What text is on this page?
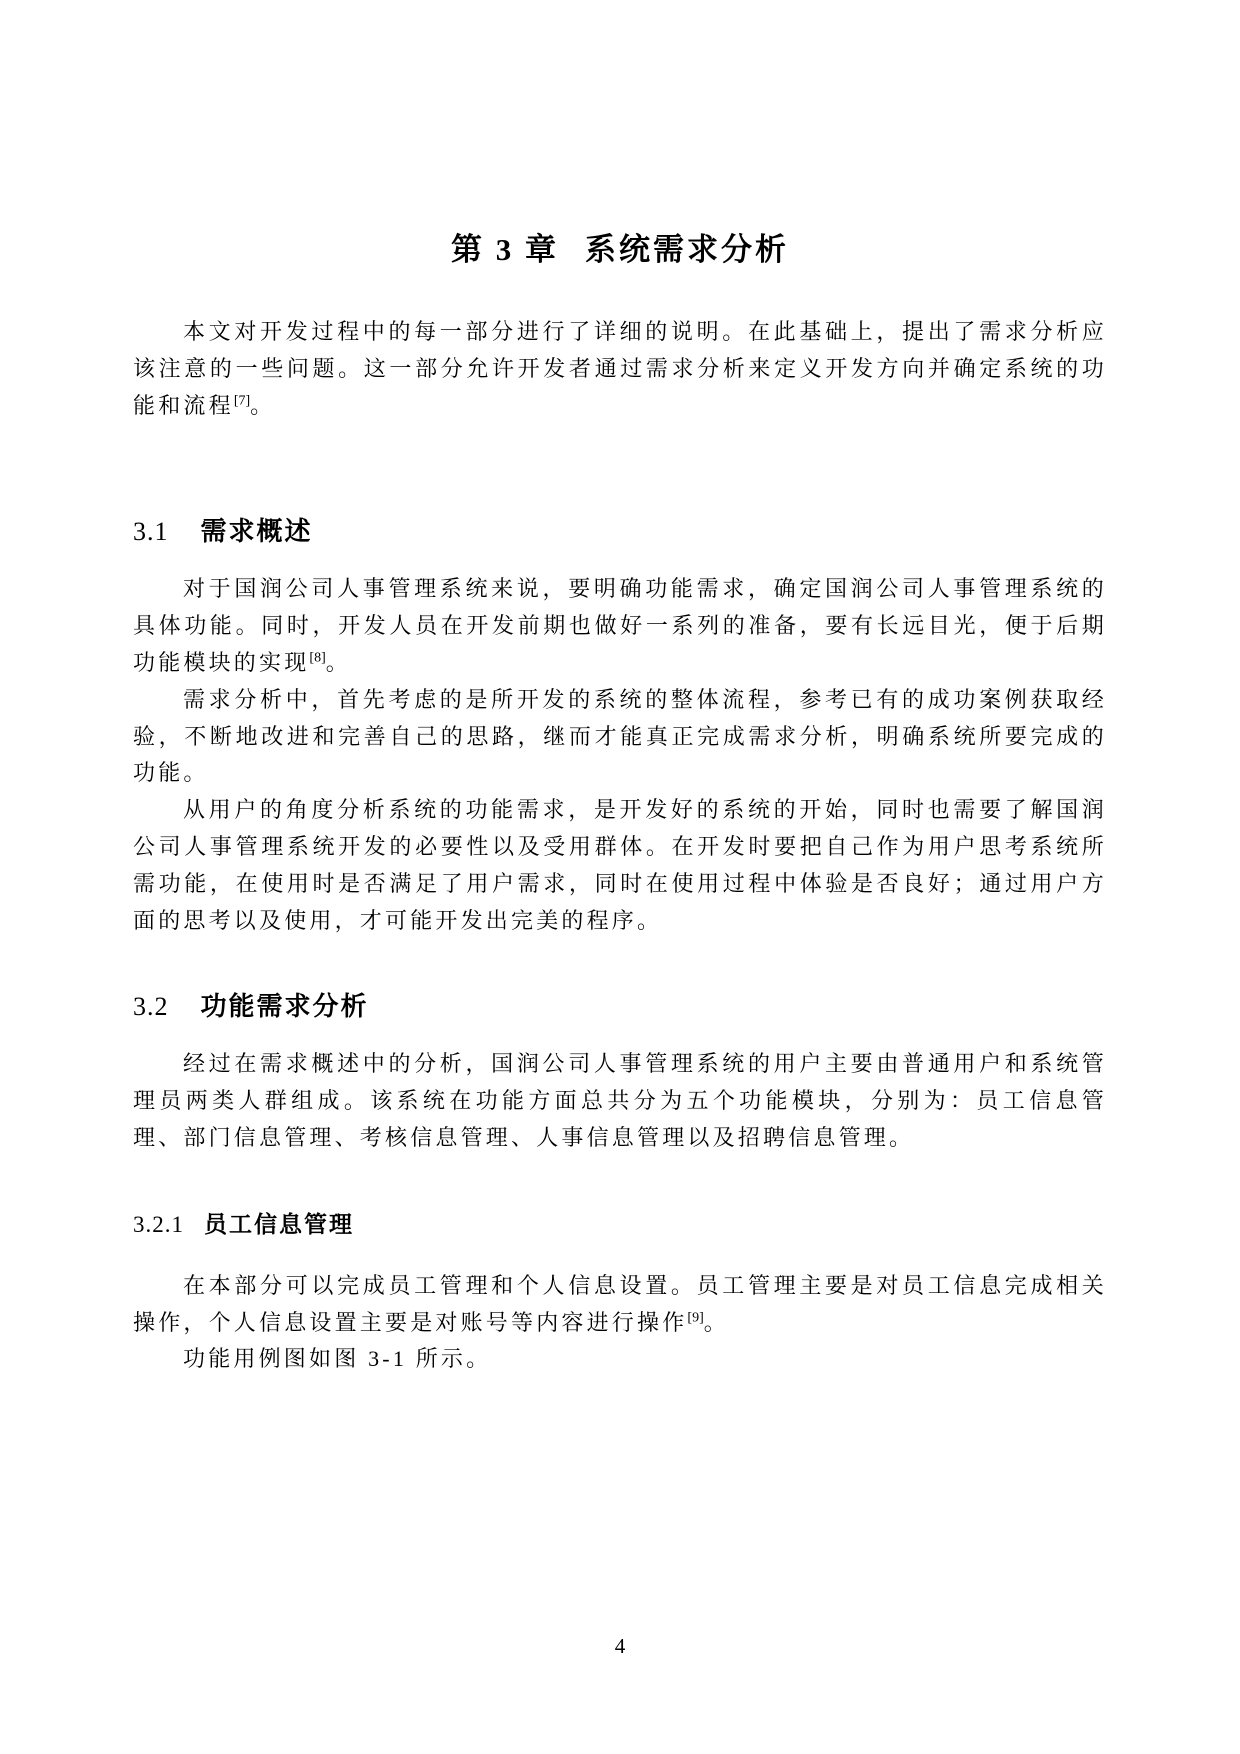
第 3 章 系统需求分析

本文对开发过程中的每一部分进行了详细的说明。在此基础上，提出了需求分析应该注意的一些问题。这一部分允许开发者通过需求分析来定义开发方向并确定系统的功能和流程[7]。

3.1 需求概述

对于国润公司人事管理系统来说，要明确功能需求，确定国润公司人事管理系统的具体功能。同时，开发人员在开发前期也做好一系列的准备，要有长远目光，便于后期功能模块的实现[8]。

需求分析中，首先考虑的是所开发的系统的整体流程，参考已有的成功案例获取经验，不断地改进和完善自己的思路，继而才能真正完成需求分析，明确系统所要完成的功能。

从用户的角度分析系统的功能需求，是开发好的系统的开始，同时也需要了解国润公司人事管理系统开发的必要性以及受用群体。在开发时要把自己作为用户思考系统所需功能，在使用时是否满足了用户需求，同时在使用过程中体验是否良好；通过用户方面的思考以及使用，才可能开发出完美的程序。

3.2 功能需求分析

经过在需求概述中的分析，国润公司人事管理系统的用户主要由普通用户和系统管理员两类人群组成。该系统在功能方面总共分为五个功能模块，分别为：员工信息管理、部门信息管理、考核信息管理、人事信息管理以及招聘信息管理。

3.2.1 员工信息管理

在本部分可以完成员工管理和个人信息设置。员工管理主要是对员工信息完成相关操作，个人信息设置主要是对账号等内容进行操作[9]。

功能用例图如图 3-1 所示。

4
